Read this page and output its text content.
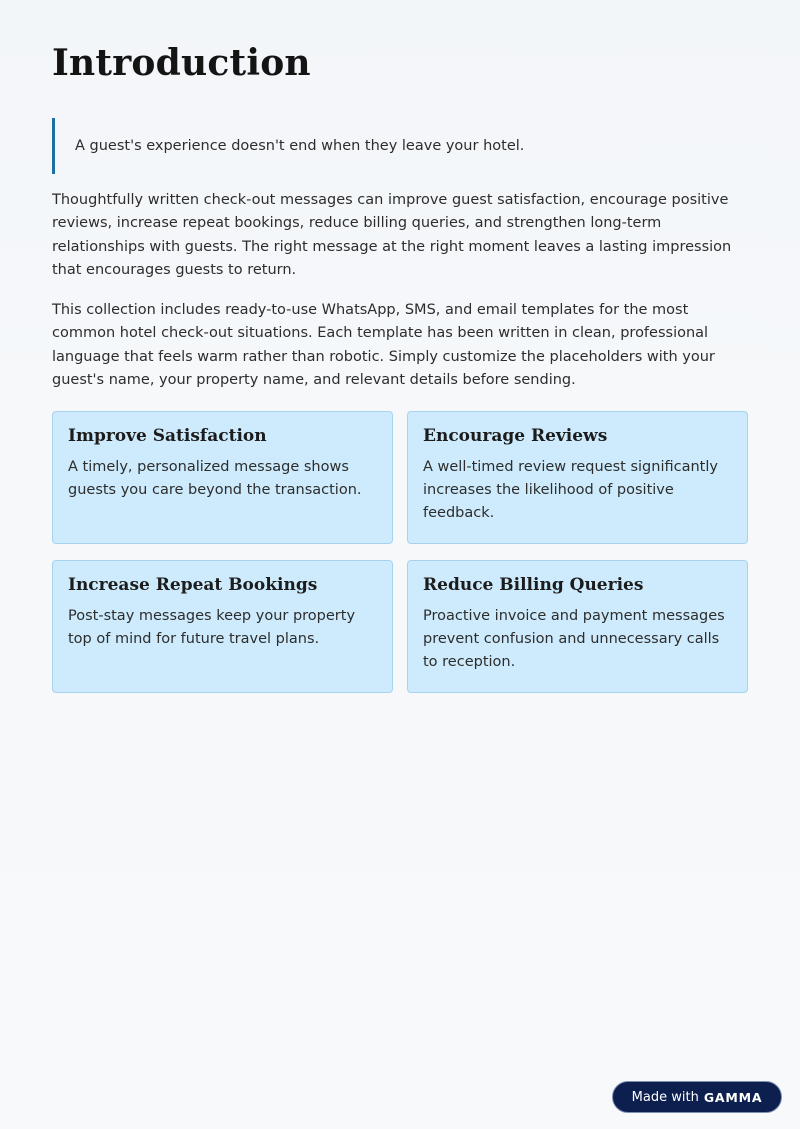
Introduction
A guest's experience doesn't end when they leave your hotel.

Thoughtfully written check-out messages can improve guest satisfaction, encourage positive reviews, increase repeat bookings, reduce billing queries, and strengthen long-term relationships with guests. The right message at the right moment leaves a lasting impression that encourages guests to return.

This collection includes ready-to-use WhatsApp, SMS, and email templates for the most common hotel check-out situations. Each template has been written in clean, professional language that feels warm rather than robotic. Simply customize the placeholders with your guest's name, your property name, and relevant details before sending.

Improve Satisfaction

A timely, personalized message shows guests you care beyond the transaction.

Encourage Reviews

A well-timed review request significantly increases the likelihood of positive feedback.

Increase Repeat Bookings

Post-stay messages keep your property top of mind for future travel plans.

Reduce Billing Queries

Proactive invoice and payment messages prevent confusion and unnecessary calls to reception.

Made with GAMMA
